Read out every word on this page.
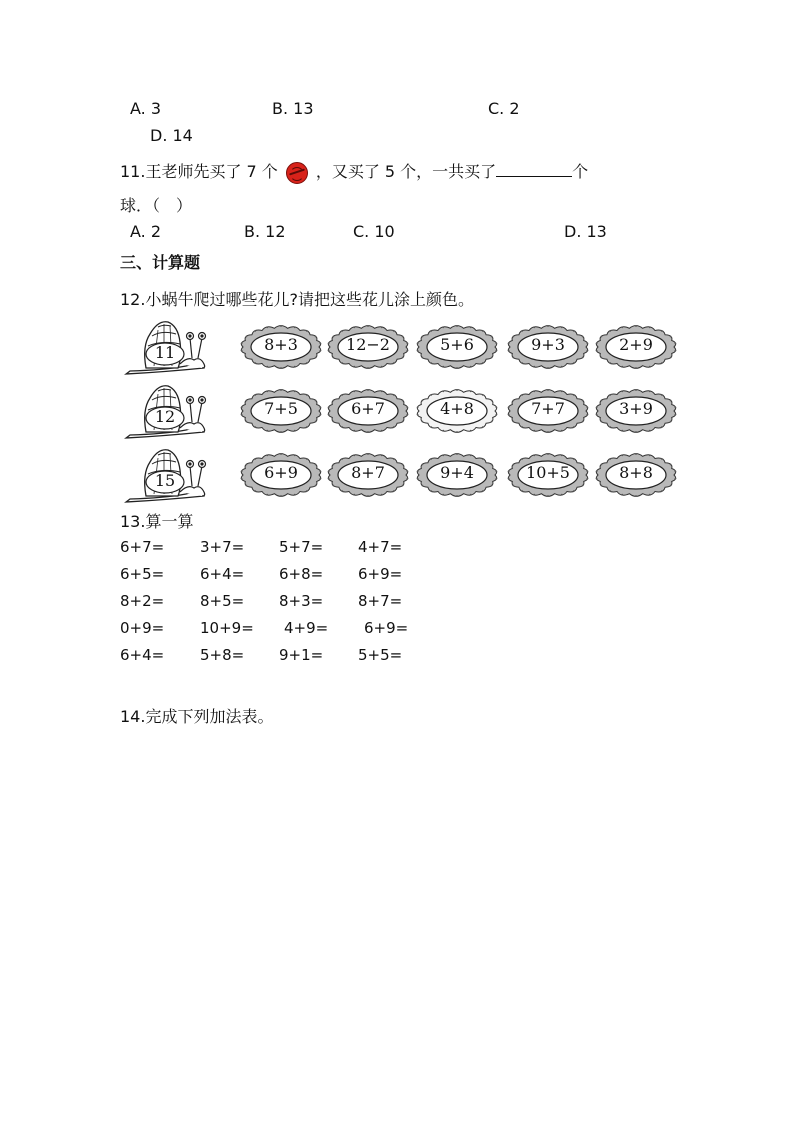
A. 3	B. 13	C. 2
D. 14
11.王老师先买了 7 个 ，又买了 5 个，一共买了	个
球．（　）
A. 2	B. 12	C. 10	D. 13
三、计算题
12.小蜗牛爬过哪些花儿?请把这些花儿涂上颜色。
11	8+3	12−2	5+6	9+3	2+9
12	7+5	6+7	4+8	7+7	3+9
15	6+9	8+7	9+4	10+5	8+8
13.算一算
6+7= 3+7= 5+7= 4+7=
6+5= 6+4= 6+8= 6+9=
8+2= 8+5= 8+3= 8+7=
0+9= 10+9= 4+9= 6+9=
6+4= 5+8= 9+1= 5+5=
14.完成下列加法表。
